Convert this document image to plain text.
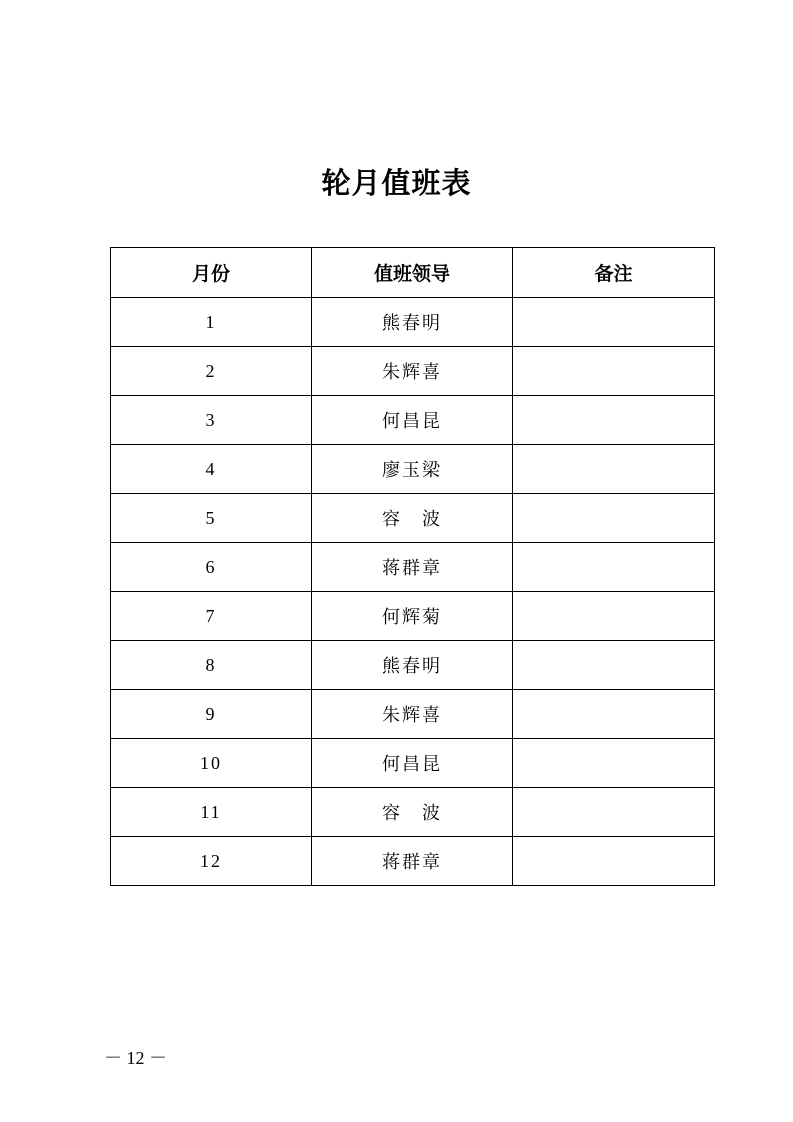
轮月值班表
月份	值班领导	备注
1	熊春明	
2	朱辉喜	
3	何昌昆	
4	廖玉梁	
5	容　波	
6	蒋群章	
7	何辉菊	
8	熊春明	
9	朱辉喜	
10	何昌昆	
11	容　波	
12	蒋群章	
－ 12 －
